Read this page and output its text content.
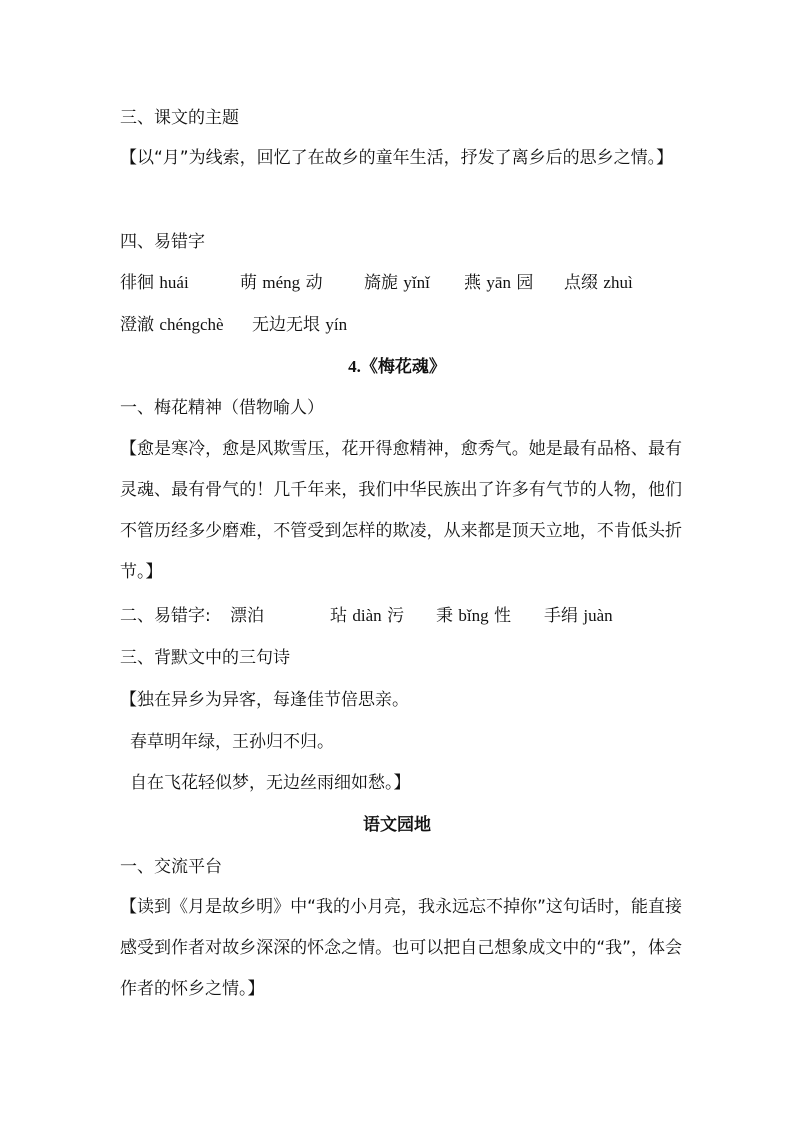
三、课文的主题
【以“月”为线索，回忆了在故乡的童年生活，抒发了离乡后的思乡之情。】
四、易错字
徘徊 huái	萌 méng 动 旖旎 yǐnǐ 燕 yān 园 点缀 zhuì
澄澈 chéngchè 无边无垠 yín
4.《梅花魂》
一、梅花精神（借物喻人）
【愈是寒冷，愈是风欺雪压，花开得愈精神，愈秀气。她是最有品格、最有灵魂、最有骨气的！几千年来，我们中华民族出了许多有气节的人物，他们不管历经多少磨难，不管受到怎样的欺凌，从来都是顶天立地，不肯低头折节。】
二、易错字: 漂泊	玷 diàn 污 秉 bǐng 性 手绢 juàn
三、背默文中的三句诗
【独在异乡为异客，每逢佳节倍思亲。
春草明年绿，王孙归不归。
自在飞花轻似梦，无边丝雨细如愁。】
语文园地
一、交流平台
【读到《月是故乡明》中“我的小月亮，我永远忘不掉你”这句话时，能直接感受到作者对故乡深深的怀念之情。也可以把自己想象成文中的“我”，体会作者的怀乡之情。】
